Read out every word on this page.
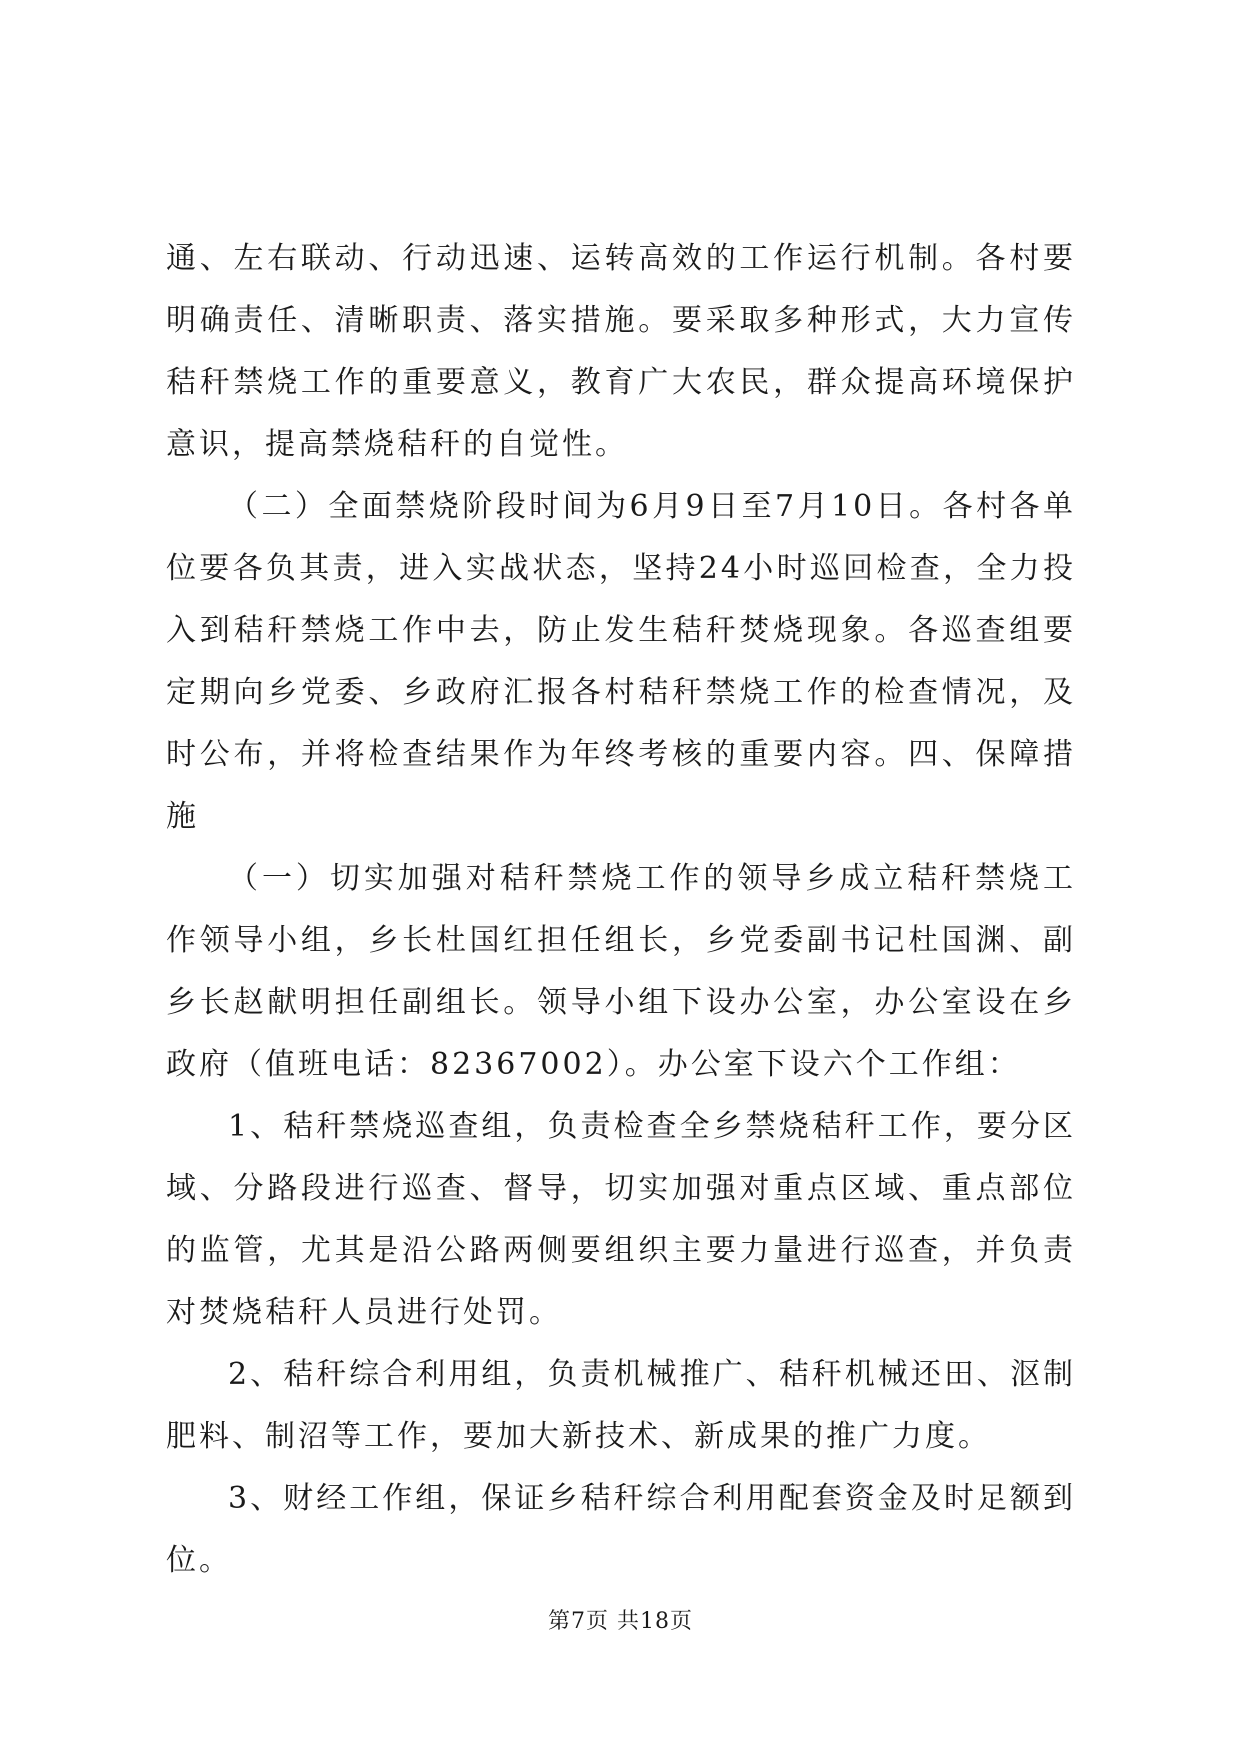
通、左右联动、行动迅速、运转高效的工作运行机制。各村要明确责任、清晰职责、落实措施。要采取多种形式，大力宣传秸秆禁烧工作的重要意义，教育广大农民，群众提高环境保护意识，提高禁烧秸秆的自觉性。

（二）全面禁烧阶段时间为6月9日至7月10日。各村各单位要各负其责，进入实战状态，坚持24小时巡回检查，全力投入到秸秆禁烧工作中去，防止发生秸秆焚烧现象。各巡查组要定期向乡党委、乡政府汇报各村秸秆禁烧工作的检查情况，及时公布，并将检查结果作为年终考核的重要内容。四、保障措施

（一）切实加强对秸秆禁烧工作的领导乡成立秸秆禁烧工作领导小组，乡长杜国红担任组长，乡党委副书记杜国渊、副乡长赵献明担任副组长。领导小组下设办公室，办公室设在乡政府（值班电话：82367002）。办公室下设六个工作组：

1、秸秆禁烧巡查组，负责检查全乡禁烧秸秆工作，要分区域、分路段进行巡查、督导，切实加强对重点区域、重点部位的监管，尤其是沿公路两侧要组织主要力量进行巡查，并负责对焚烧秸秆人员进行处罚。

2、秸秆综合利用组，负责机械推广、秸秆机械还田、沤制肥料、制沼等工作，要加大新技术、新成果的推广力度。

3、财经工作组，保证乡秸秆综合利用配套资金及时足额到位。

第7页 共18页
